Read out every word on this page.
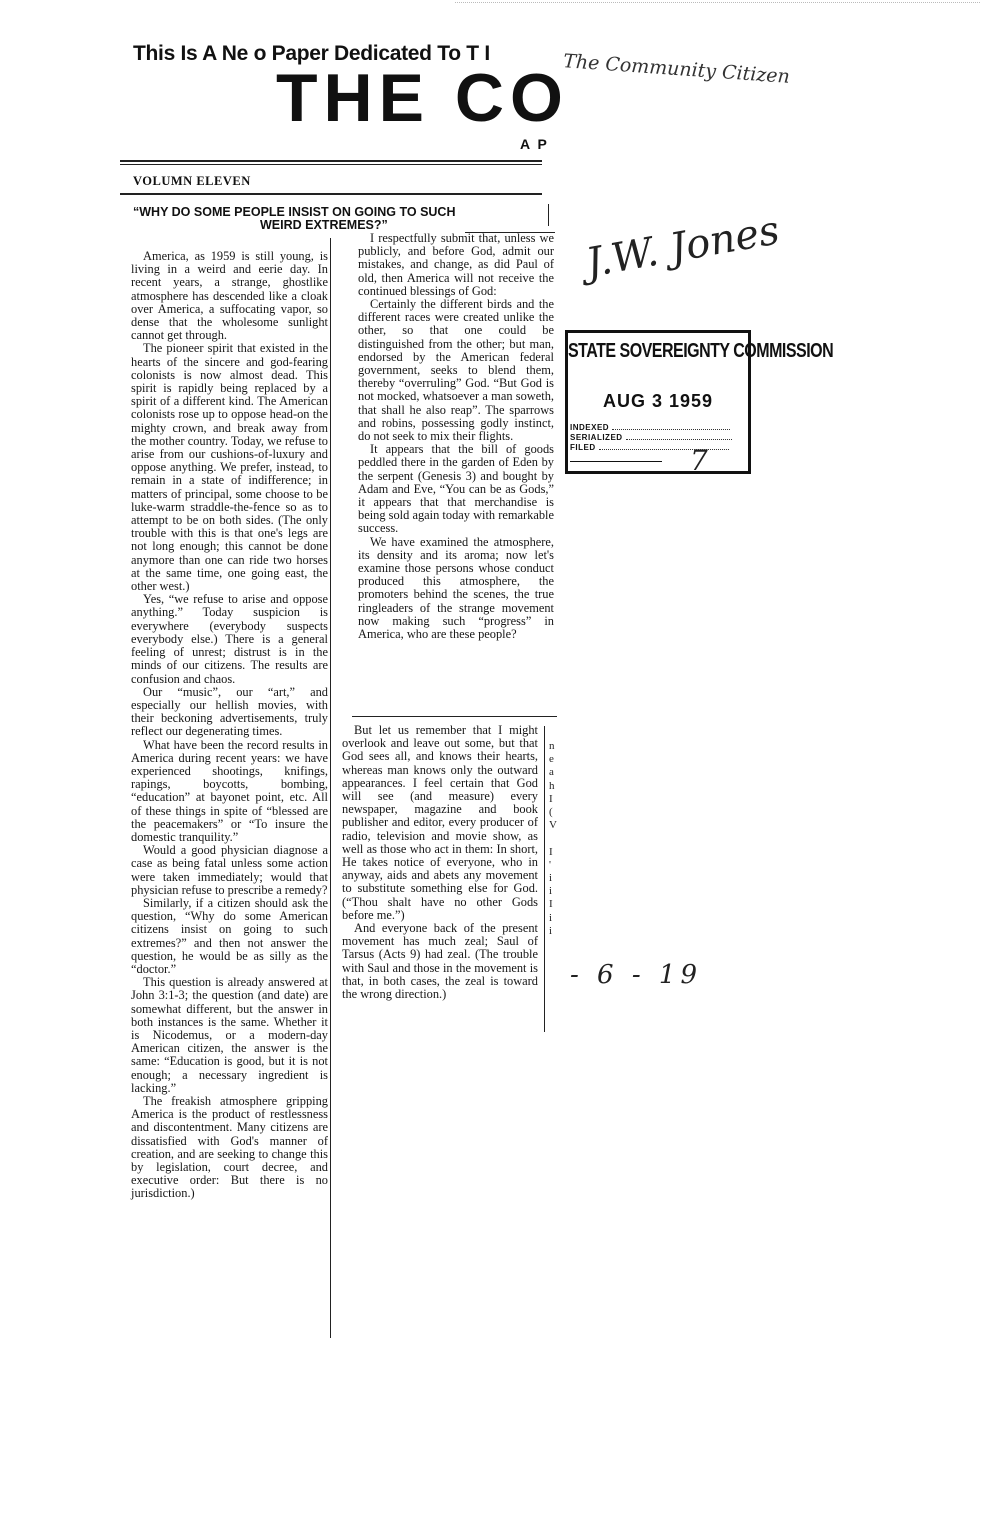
This Is A Ne o Paper Dedicated To T I
THE CO
The Community Citizen
A P
VOLUMN ELEVEN
“WHY DO SOME PEOPLE INSIST ON GOING TO SUCH
WEIRD EXTREMES?”

America, as 1959 is still young, is living in a weird and eerie day. In recent years, a strange, ghostlike atmosphere has descended like a cloak over America, a suffocating vapor, so dense that the wholesome sunlight cannot get through.

The pioneer spirit that existed in the hearts of the sincere and god-fearing colonists is now almost dead. This spirit is rapidly being replaced by a spirit of a different kind. The American colonists rose up to oppose head-on the mighty crown, and break away from the mother country. Today, we refuse to arise from our cushions-of-luxury and oppose anything. We prefer, instead, to remain in a state of indifference; in matters of principal, some choose to be luke-warm straddle-the-fence so as to attempt to be on both sides. (The only trouble with this is that one's legs are not long enough; this cannot be done anymore than one can ride two horses at the same time, one going east, the other west.)

Yes, “we refuse to arise and oppose anything.” Today suspicion is everywhere (everybody suspects everybody else.) There is a general feeling of unrest; distrust is in the minds of our citizens. The results are confusion and chaos.

Our “music”, our “art,” and especially our hellish movies, with their beckoning advertisements, truly reflect our degenerating times.

What have been the record results in America during recent years: we have experienced shootings, knifings, rapings, boycotts, bombing, “education” at bayonet point, etc. All of these things in spite of “blessed are the peacemakers” or “To insure the domestic tranquility.”

Would a good physician diagnose a case as being fatal unless some action were taken immediately; would that physician refuse to prescribe a remedy?

Similarly, if a citizen should ask the question, “Why do some American citizens insist on going to such extremes?” and then not answer the question, he would be as silly as the “doctor.”

This question is already answered at John 3:1-3; the question (and date) are somewhat different, but the answer in both instances is the same. Whether it is Nicodemus, or a modern-day American citizen, the answer is the same: “Education is good, but it is not enough; a necessary ingredient is lacking.”

The freakish atmosphere gripping America is the product of restlessness and discontentment. Many citizens are dissatisfied with God's manner of creation, and are seeking to change this by legislation, court decree, and executive order: But there is no jurisdiction.)

I respectfully submit that, unless we publicly, and before God, admit our mistakes, and change, as did Paul of old, then America will not receive the continued blessings of God:

Certainly the different birds and the different races were created unlike the other, so that one could be distinguished from the other; but man, endorsed by the American federal government, seeks to blend them, thereby “overruling” God. “But God is not mocked, whatsoever a man soweth, that shall he also reap”. The sparrows and robins, possessing godly instinct, do not seek to mix their flights.

It appears that the bill of goods peddled there in the garden of Eden by the serpent (Genesis 3) and bought by Adam and Eve, “You can be as Gods,” it appears that that merchandise is being sold again today with remarkable success.

We have examined the atmosphere, its density and its aroma; now let's examine those persons whose conduct produced this atmosphere, the promoters behind the scenes, the true ringleaders of the strange movement now making such “progress” in America, who are these people?

But let us remember that I might overlook and leave out some, but that God sees all, and knows their hearts, whereas man knows only the outward appearances. I feel certain that God will see (and measure) every newspaper, magazine and book publisher and editor, every producer of radio, television and movie show, as well as those who act in them: In short, He takes notice of everyone, who in anyway, aids and abets any movement to substitute something else for God. (“Thou shalt have no other Gods before me.”)

And everyone back of the present movement has much zeal; Saul of Tarsus (Acts 9) had zeal. (The trouble with Saul and those in the movement is that, in both cases, the zeal is toward the wrong direction.)

n
e
a
h
I
(
V

I
'
i
i
I
i
i
J.W. Jones
STATE SOVEREIGNTY COMMISSION
AUG 3 1959
INDEXED
SERIALIZED
FILED	7
- 6 - 19
